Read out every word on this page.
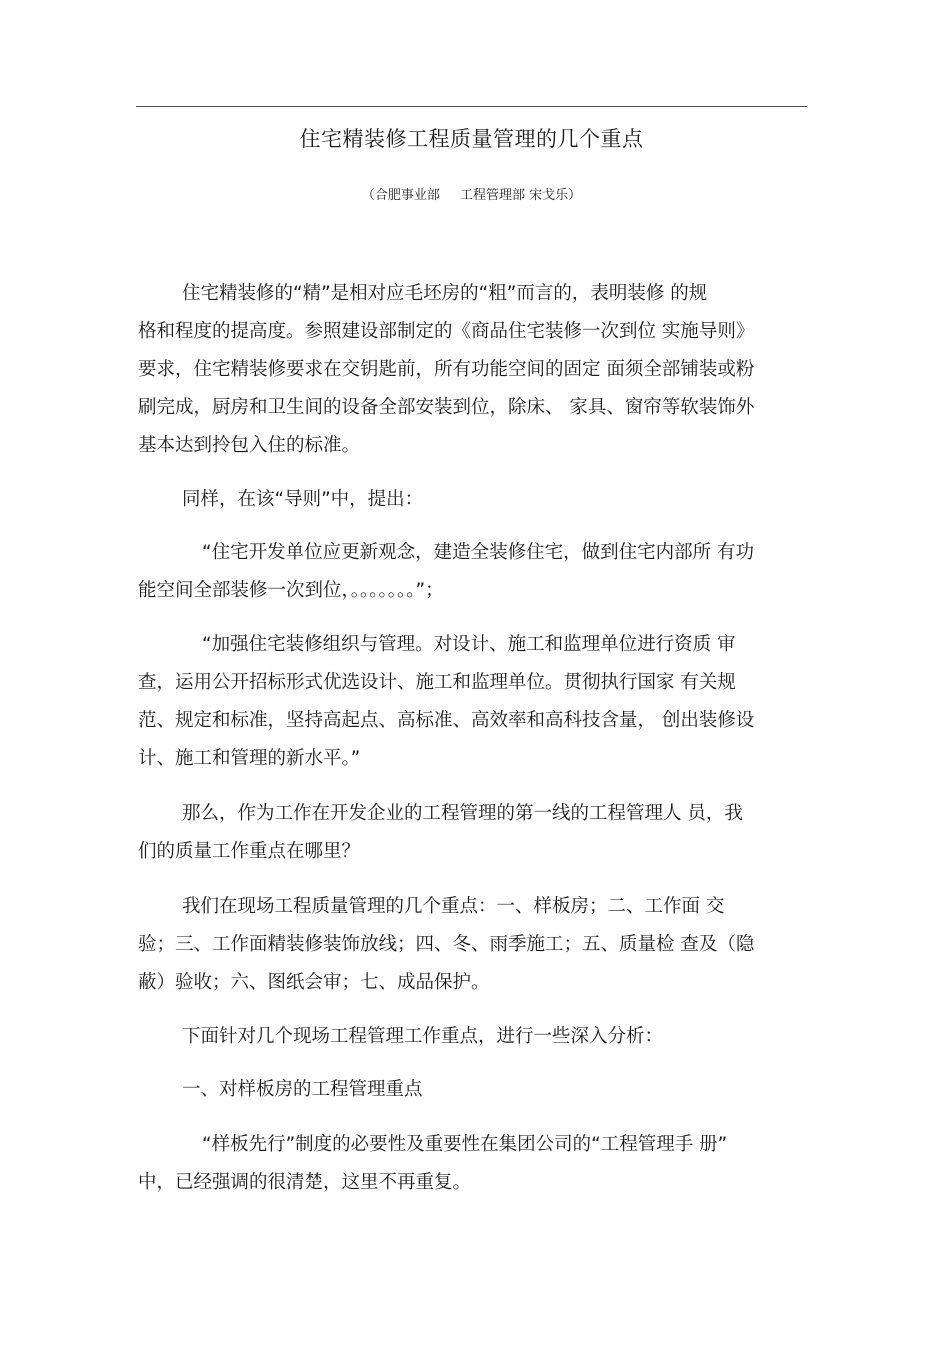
住宅精装修工程质量管理的几个重点
（合肥事业部 工程管理部 宋戈乐）
住宅精装修的“精”是相对应毛坯房的“粗”而言的，表明装修 的规
格和程度的提高度。参照建设部制定的《商品住宅装修一次到位 实施导则》
要求，住宅精装修要求在交钥匙前，所有功能空间的固定 面须全部铺装或粉
刷完成，厨房和卫生间的设备全部安装到位，除床、 家具、窗帘等软装饰外
基本达到拎包入住的标准。
同样，在该“导则”中，提出：
“住宅开发单位应更新观念，建造全装修住宅，做到住宅内部所 有功
能空间全部装修一次到位，。。。。。。。”；
“加强住宅装修组织与管理。对设计、施工和监理单位进行资质 审
查，运用公开招标形式优选设计、施工和监理单位。贯彻执行国家 有关规
范、规定和标准，坚持高起点、高标准、高效率和高科技含量， 创出装修设
计、施工和管理的新水平。”
那么，作为工作在开发企业的工程管理的第一线的工程管理人 员，我
们的质量工作重点在哪里？
我们在现场工程质量管理的几个重点：一、样板房；二、工作面 交
验；三、工作面精装修装饰放线；四、冬、雨季施工；五、质量检 查及（隐
蔽）验收；六、图纸会审；七、成品保护。
下面针对几个现场工程管理工作重点，进行一些深入分析：
一、对样板房的工程管理重点
“样板先行”制度的必要性及重要性在集团公司的“工程管理手 册”
中，已经强调的很清楚，这里不再重复。
